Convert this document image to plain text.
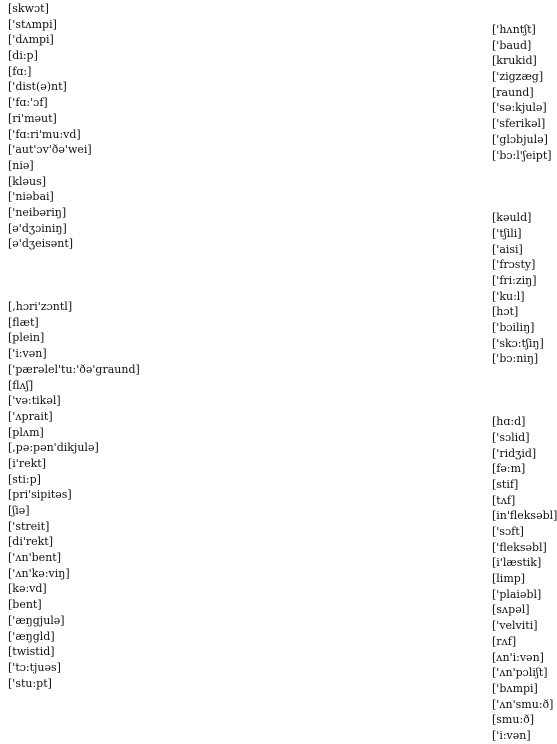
[skwɔt]
['stʌmpi]
['dʌmpi]
[di:p]
[fɑ:]
['dist(ə)nt]
['fɑ:'ɔf]
[ri'məut]
['fɑ:ri'mu:vd]
['aut'ɔv'ðə'wei]
[niə]
[kləus]
['niəbai]
['neibəriŋ]
[ə'dʒɔiniŋ]
[ə'dʒeisənt]
[,hɔri'zɔntl]
[flæt]
[plein]
['i:vən]
['pærəlel'tu:'ðə'graund]
[flʌʃ]
['və:tikəl]
['ʌprait]
[plʌm]
[,pə:pən'dikjulə]
[i'rekt]
[sti:p]
[pri'sipitəs]
[ʃiə]
['streit]
[di'rekt]
['ʌn'bent]
['ʌn'kə:viŋ]
[kə:vd]
[bent]
['æŋgjulə]
['æŋgld]
[twistid]
['tɔ:tjuəs]
['stu:pt]
['hʌntʃt]
['baud]
[krukid]
['zigzæg]
[raund]
['sə:kjulə]
['sferikəl]
['glɔbjulə]
['bɔ:l'ʃeipt]
[kəuld]
['tʃili]
['aisi]
['frɔsty]
['fri:ziŋ]
['ku:l]
[hɔt]
['bɔiliŋ]
['skɔ:tʃiŋ]
['bɔ:niŋ]
[hɑ:d]
['sɔlid]
['ridʒid]
[fə:m]
[stif]
[tʌf]
[in'fleksəbl]
['sɔft]
['fleksəbl]
[i'læstik]
[limp]
['plaiəbl]
[sʌpəl]
['velviti]
[rʌf]
[ʌn'i:vən]
['ʌn'pɔliʃt]
['bʌmpi]
['ʌn'smu:ð]
[smu:ð]
['i:vən]
